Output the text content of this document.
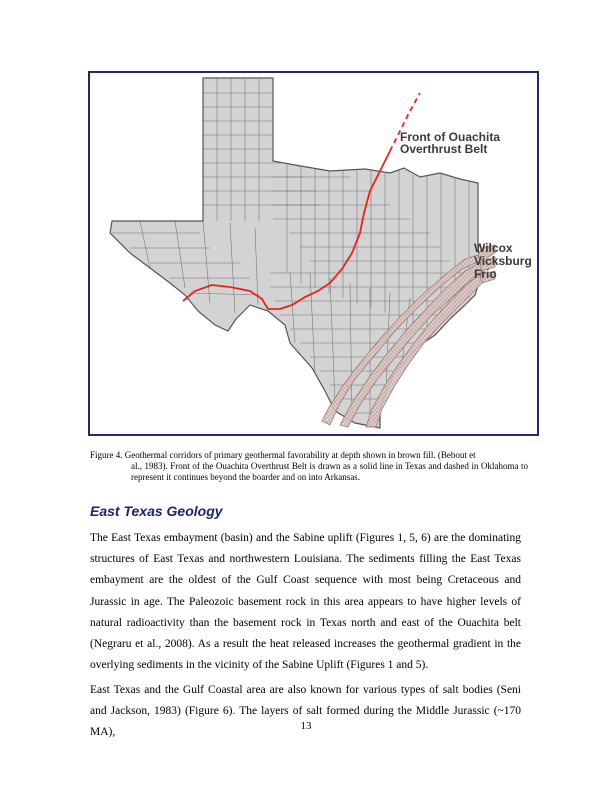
Front of Ouachita
Overthrust Belt
Wilcox
Vicksburg
Frio
Figure 4. Geothermal corridors of primary geothermal favorability at depth shown in brown fill. (Bebout et
al., 1983). Front of the Ouachita Overthrust Belt is drawn as a solid line in Texas and dashed in Oklahoma to represent it continues beyond the boarder and on into Arkansas.
East Texas Geology
The East Texas embayment (basin) and the Sabine uplift (Figures 1, 5, 6) are the dominating structures of East Texas and northwestern Louisiana. The sediments filling the East Texas embayment are the oldest of the Gulf Coast sequence with most being Cretaceous and Jurassic in age. The Paleozoic basement rock in this area appears to have higher levels of natural radioactivity than the basement rock in Texas north and east of the Ouachita belt (Negraru et al., 2008). As a result the heat released increases the geothermal gradient in the overlying sediments in the vicinity of the Sabine Uplift (Figures 1 and 5).
East Texas and the Gulf Coastal area are also known for various types of salt bodies (Seni and Jackson, 1983) (Figure 6). The layers of salt formed during the Middle Jurassic (~170 MA),
13
